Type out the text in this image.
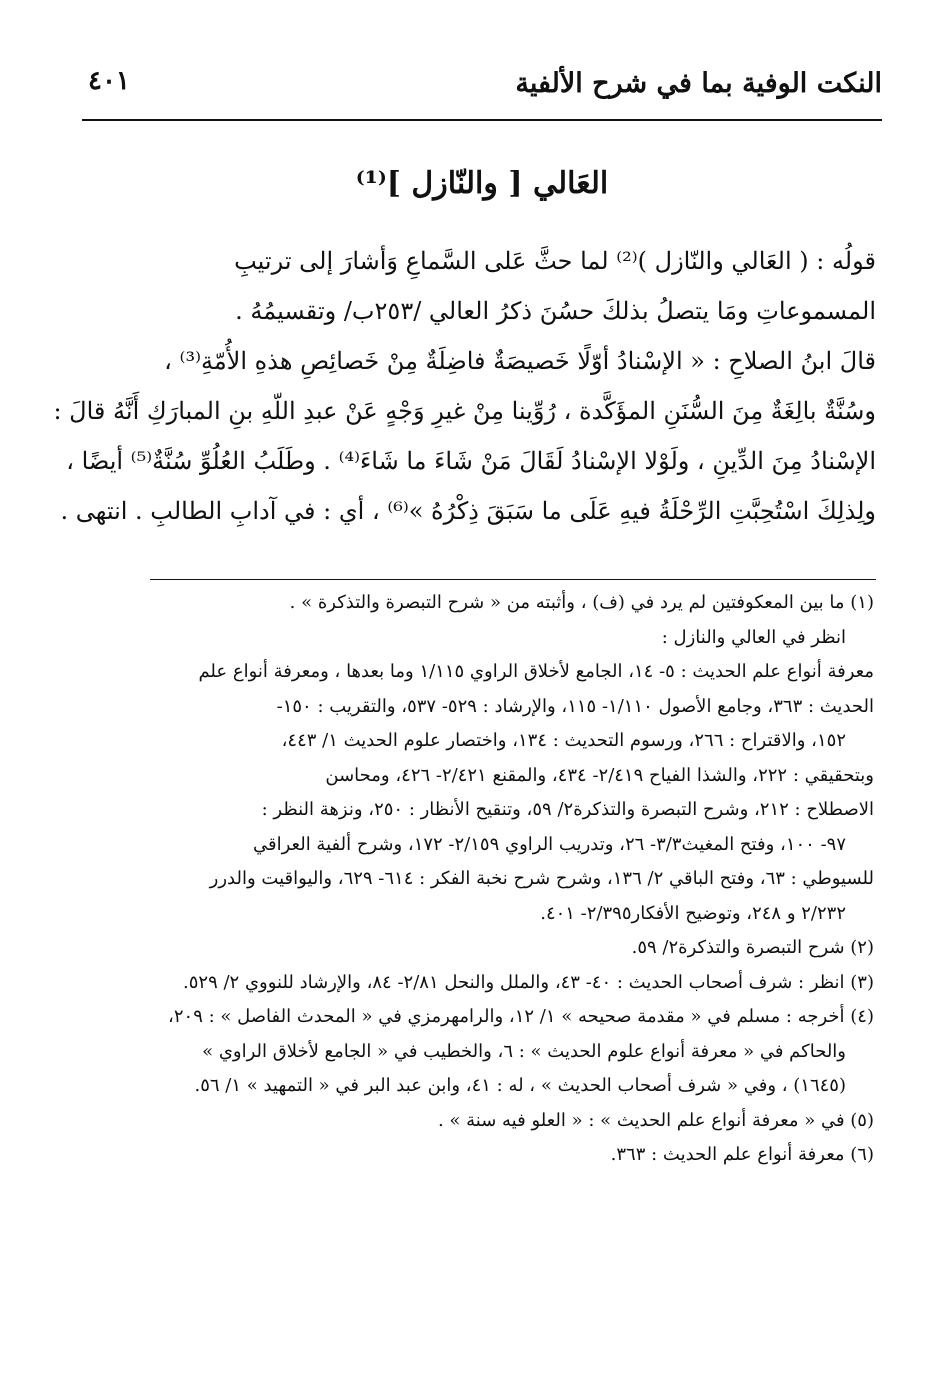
النكت الوفية بما في شرح الألفية
٤٠١
العَالي [ والنّازل ]⁽¹⁾
قولُه : ( العَالي والنّازل )⁽²⁾ لما حثَّ عَلى السَّماعِ وَأشارَ إلى ترتيبِ
المسموعاتِ ومَا يتصلُ بذلكَ حسُنَ ذكرُ العالي /٢٥٣ب/ وتقسيمُهُ .
قالَ ابنُ الصلاحِ : « الإسْنادُ أوّلًا خَصيصَةٌ فاضِلَةٌ مِنْ خَصائِصِ هذهِ الأُمّةِ⁽³⁾ ،
وسُنَّةٌ بالِغَةٌ مِنَ السُّنَنِ المؤَكَّدة ، رُوِّينا مِنْ غيرِ وَجْهٍ عَنْ عبدِ اللّهِ بنِ المبارَكِ أَنَّهُ قالَ :
الإسْنادُ مِنَ الدِّينِ ، ولَوْلا الإسْنادُ لَقَالَ مَنْ شَاءَ ما شَاءَ⁽⁴⁾ . وطَلَبُ العُلُوِّ سُنَّةٌ⁽⁵⁾ أيضًا ،
ولِذلِكَ اسْتُحِبَّتِ الرِّحْلَةُ فيهِ عَلَى ما سَبَقَ ذِكْرُهُ »⁽⁶⁾ ، أي : في آدابِ الطالبِ . انتهى .
(١) ما بين المعكوفتين لم يرد في (ف) ، وأثبته من « شرح التبصرة والتذكرة » .
انظر في العالي والنازل :
معرفة أنواع علم الحديث : ٥- ١٤، الجامع لأخلاق الراوي ١/١١٥ وما بعدها ، ومعرفة أنواع علم
الحديث : ٣٦٣، وجامع الأصول ١/١١٠- ١١٥، والإرشاد : ٥٢٩- ٥٣٧، والتقريب : ١٥٠-
١٥٢، والاقتراح : ٢٦٦، ورسوم التحديث : ١٣٤، واختصار علوم الحديث ١/ ٤٤٣،
وبتحقيقي : ٢٢٢، والشذا الفياح ٢/٤١٩- ٤٣٤، والمقنع ٢/٤٢١- ٤٢٦، ومحاسن
الاصطلاح : ٢١٢، وشرح التبصرة والتذكرة٢/ ٥٩، وتنقيح الأنظار : ٢٥٠، ونزهة النظر :
٩٧- ١٠٠، وفتح المغيث٣/٣- ٢٦، وتدريب الراوي ٢/١٥٩- ١٧٢، وشرح ألفية العراقي
للسيوطي : ٦٣، وفتح الباقي ٢/ ١٣٦، وشرح شرح نخبة الفكر : ٦١٤- ٦٢٩، واليواقيت والدرر
٢/٢٣٢ و ٢٤٨، وتوضيح الأفكار٢/٣٩٥- ٤٠١.
(٢) شرح التبصرة والتذكرة٢/ ٥٩.
(٣) انظر : شرف أصحاب الحديث : ٤٠- ٤٣، والملل والنحل ٢/٨١- ٨٤، والإرشاد للنووي ٢/ ٥٢٩.
(٤) أخرجه : مسلم في « مقدمة صحيحه » ١/ ١٢، والرامهرمزي في « المحدث الفاصل » : ٢٠٩،
والحاكم في « معرفة أنواع علوم الحديث » : ٦، والخطيب في « الجامع لأخلاق الراوي »
(١٦٤٥) ، وفي « شرف أصحاب الحديث » ، له : ٤١، وابن عبد البر في « التمهيد » ١/ ٥٦.
(٥) في « معرفة أنواع علم الحديث » : « العلو فيه سنة » .
(٦) معرفة أنواع علم الحديث : ٣٦٣.
